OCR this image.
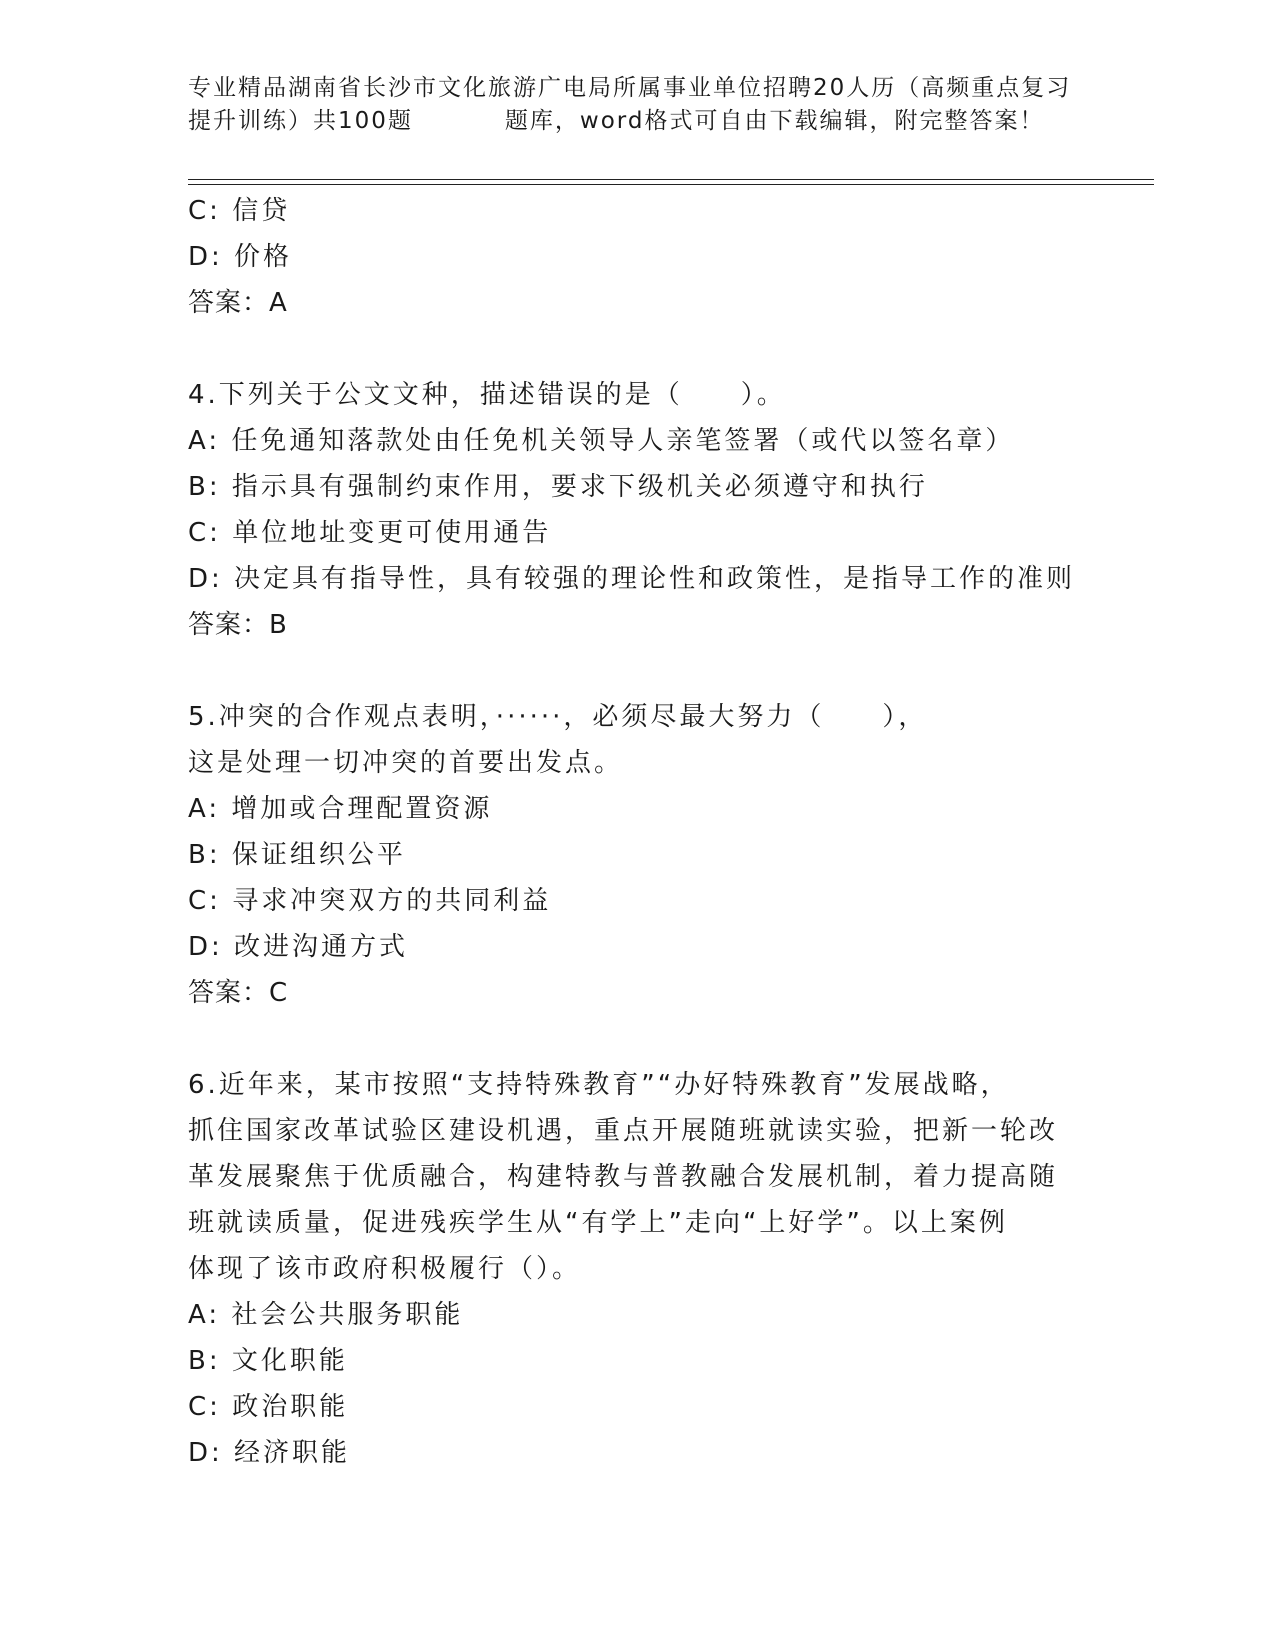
专业精品湖南省长沙市文化旅游广电局所属事业单位招聘20人历（高频重点复习
提升训练）共100题	题库，word格式可自由下载编辑，附完整答案！
C: 信贷
D: 价格
答案：A
4.下列关于公文文种，描述错误的是（　　）。
A: 任免通知落款处由任免机关领导人亲笔签署（或代以签名章）
B: 指示具有强制约束作用，要求下级机关必须遵守和执行
C: 单位地址变更可使用通告
D: 决定具有指导性，具有较强的理论性和政策性，是指导工作的准则
答案：B
5.冲突的合作观点表明，······，必须尽最大努力（　　），
这是处理一切冲突的首要出发点。
A: 增加或合理配置资源
B: 保证组织公平
C: 寻求冲突双方的共同利益
D: 改进沟通方式
答案：C
6.近年来，某市按照“支持特殊教育”“办好特殊教育”发展战略，
抓住国家改革试验区建设机遇，重点开展随班就读实验，把新一轮改
革发展聚焦于优质融合，构建特教与普教融合发展机制，着力提高随
班就读质量，促进残疾学生从“有学上”走向“上好学”。以上案例
体现了该市政府积极履行（）。
A: 社会公共服务职能
B: 文化职能
C: 政治职能
D: 经济职能
